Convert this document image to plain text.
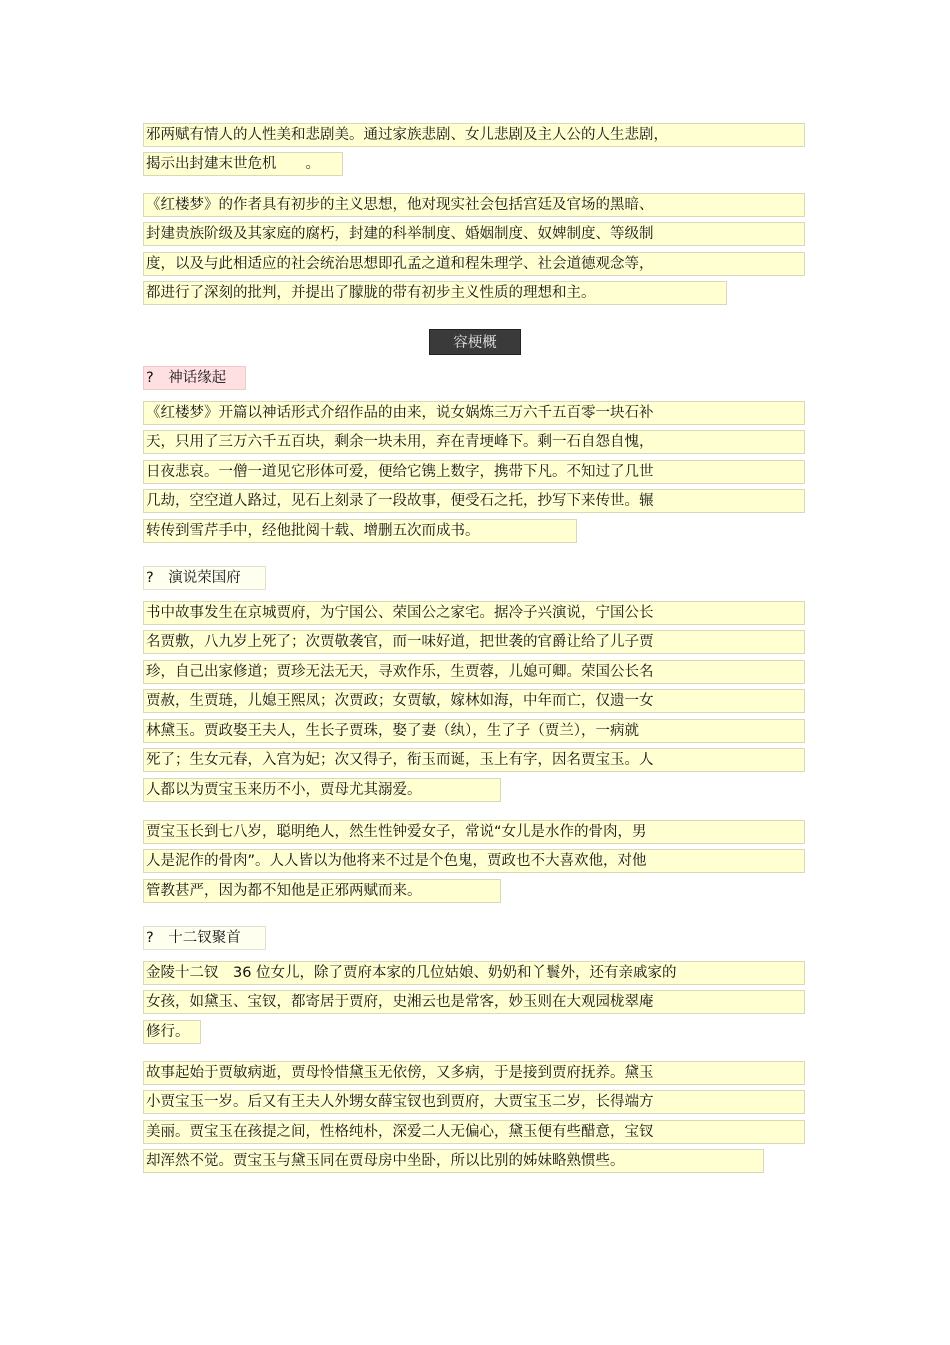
邪两赋有情人的人性美和悲剧美。通过家族悲剧、女儿悲剧及主人公的人生悲剧，
揭示出封建末世危机　　。
《红楼梦》的作者具有初步的主义思想，他对现实社会包括宫廷及官场的黑暗、
封建贵族阶级及其家庭的腐朽，封建的科举制度、婚姻制度、奴婢制度、等级制
度，以及与此相适应的社会统治思想即孔孟之道和程朱理学、社会道德观念等，
都进行了深刻的批判，并提出了朦胧的带有初步主义性质的理想和主。
容梗概
?　神话缘起
《红楼梦》开篇以神话形式介绍作品的由来，说女娲炼三万六千五百零一块石补
天，只用了三万六千五百块，剩余一块未用，弃在青埂峰下。剩一石自怨自愧，
日夜悲哀。一僧一道见它形体可爱，便给它镌上数字，携带下凡。不知过了几世
几劫，空空道人路过，见石上刻录了一段故事，便受石之托，抄写下来传世。辗
转传到雪芹手中，经他批阅十载、增删五次而成书。
?　演说荣国府
书中故事发生在京城贾府，为宁国公、荣国公之家宅。据冷子兴演说，宁国公长
名贾敷，八九岁上死了；次贾敬袭官，而一味好道，把世袭的官爵让给了儿子贾
珍，自己出家修道；贾珍无法无天，寻欢作乐，生贾蓉，儿媳可卿。荣国公长名
贾赦，生贾琏，儿媳王熙凤；次贾政；女贾敏，嫁林如海，中年而亡，仅遗一女
林黛玉。贾政娶王夫人，生长子贾珠，娶了妻（纨），生了子（贾兰），一病就
死了；生女元春，入宫为妃；次又得子，衔玉而诞，玉上有字，因名贾宝玉。人
人都以为贾宝玉来历不小，贾母尤其溺爱。
贾宝玉长到七八岁，聪明绝人，然生性钟爱女子，常说“女儿是水作的骨肉，男
人是泥作的骨肉”。人人皆以为他将来不过是个色鬼，贾政也不大喜欢他，对他
管教甚严，因为都不知他是正邪两赋而来。
?　十二钗聚首
金陵十二钗　36 位女儿，除了贾府本家的几位姑娘、奶奶和丫鬟外，还有亲戚家的
女孩，如黛玉、宝钗，都寄居于贾府，史湘云也是常客，妙玉则在大观园栊翠庵
修行。
故事起始于贾敏病逝，贾母怜惜黛玉无依傍，又多病，于是接到贾府抚养。黛玉
小贾宝玉一岁。后又有王夫人外甥女薛宝钗也到贾府，大贾宝玉二岁，长得端方
美丽。贾宝玉在孩提之间，性格纯朴，深爱二人无偏心，黛玉便有些醋意，宝钗
却浑然不觉。贾宝玉与黛玉同在贾母房中坐卧，所以比别的姊妹略熟惯些。
